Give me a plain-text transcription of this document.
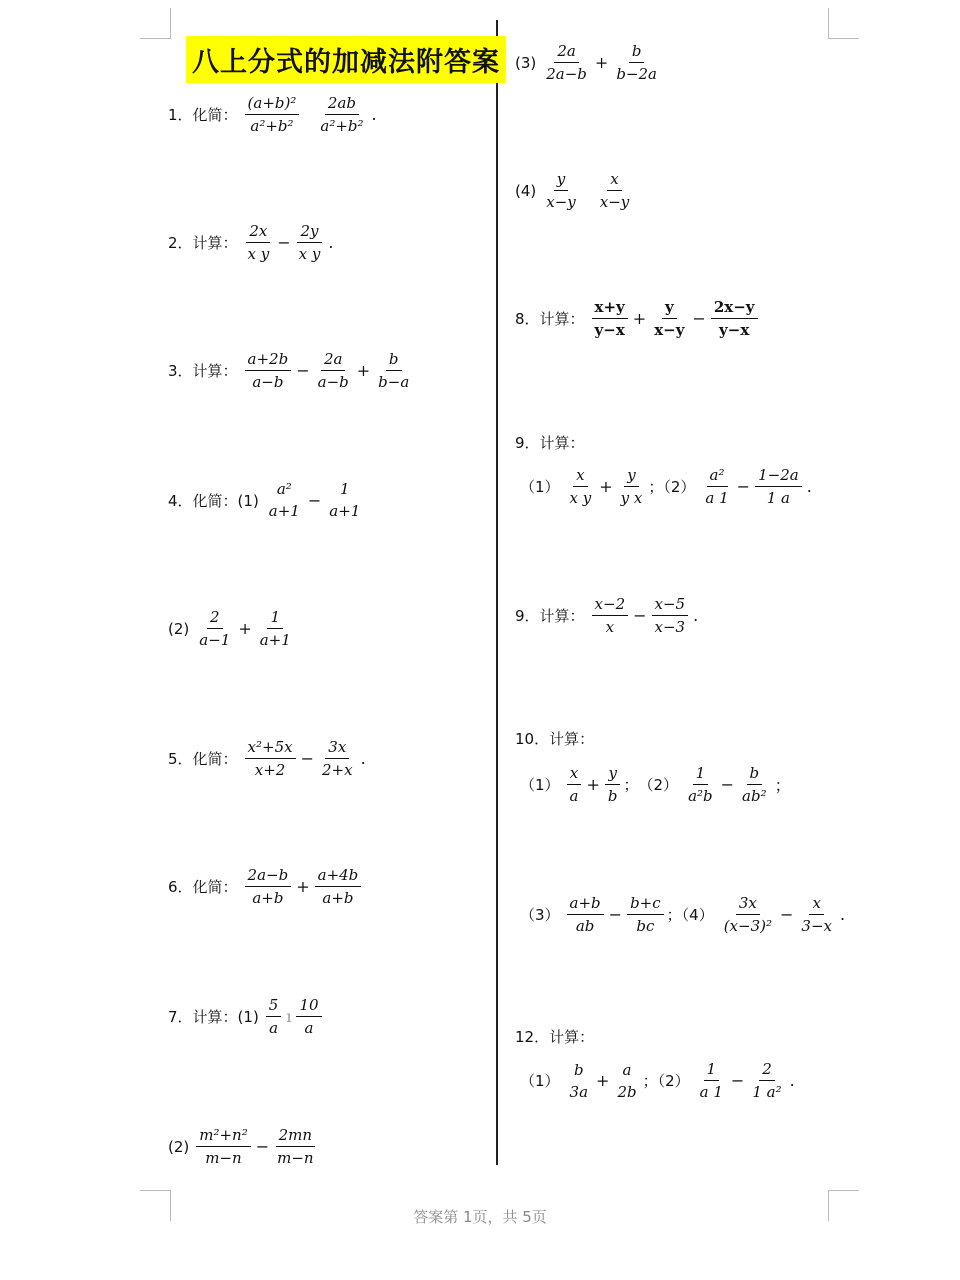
八上分式的加减法附答案
1．化简： $\frac{\text{(a+b)²}}{\text{a²+b²}} \frac{2ab}{\text{a²+b²}}$ .
2．计算： $\frac{2x}{\text{x y}} - \frac{2y}{\text{x y}}$ .
3．计算： $\frac{a+2b}{a-b} - \frac{2a}{a-b} + \frac{b}{b-a}$
4．化简：(1)
a²
a+1
−
1
a+1
$(2) \frac{2}{a-1} + \frac{1}{a+1}$
5．化简： $\frac{\text{x²+5x}}{x+2} - \frac{3x}{2+x}$ .
6．化简： $\frac{2a-b}{a+b} + \frac{a+4b}{a+b}$
7．计算：$(1) \frac{5}{a}$ ı $\frac{10}{a}$
$(2) \frac{\text{m²+n²}}{m-n} - \frac{2mn}{m-n}$
$(3) \frac{2a}{2a-b} + \frac{b}{b-2a}$
$(4) \frac{y}{x-y} \frac{x}{x-y}$
8．计算： $\frac{x+y}{y-x} + \frac{y}{x-y} - \frac{2x-y}{y-x}$
9．计算：
$(1) \frac{x}{\text{x y}} + \frac{y}{\text{y x}}$ ；$(2) \frac{\text{a²}}{a 1} - \frac{1-2a}{1 a}$ .
9．计算： $\frac{x-2}{x} - \frac{x-5}{x-3}$ .
10．计算：
$(1) \frac{x}{a} + \frac{y}{b}$ ；　$(2) \frac{1}{\text{a²b}} - \frac{b}{\text{ab²}}$ ；
$(3) \frac{a+b}{ab} - \frac{b+c}{bc}$ ；$(4) \frac{3x}{\text{(x−3)²}} - \frac{x}{3-x}$ .
12．计算：
（1）
b
3a
+
a
2b
；$(2) \frac{1}{a 1} - \frac{2}{\text{1 a²}}$ .
答案第 1页，共 5页
